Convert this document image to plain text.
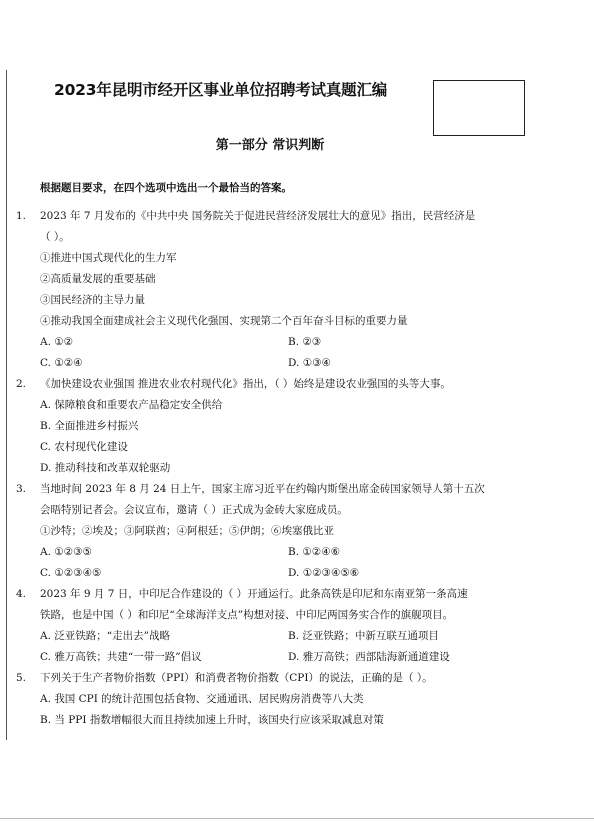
2023年昆明市经开区事业单位招聘考试真题汇编
第一部分 常识判断
根据题目要求，在四个选项中选出一个最恰当的答案。
1. 2023 年 7 月发布的《中共中央 国务院关于促进民营经济发展壮大的意见》指出，民营经济是
（ ）。
①推进中国式现代化的生力军
②高质量发展的重要基础
③国民经济的主导力量
④推动我国全面建成社会主义现代化强国、实现第二个百年奋斗目标的重要力量
A. ①②	B. ②③
C. ①②④	D. ①③④
2. 《加快建设农业强国 推进农业农村现代化》指出，（ ）始终是建设农业强国的头等大事。
A. 保障粮食和重要农产品稳定安全供给
B. 全面推进乡村振兴
C. 农村现代化建设
D. 推动科技和改革双轮驱动
3. 当地时间 2023 年 8 月 24 日上午，国家主席习近平在约翰内斯堡出席金砖国家领导人第十五次
会晤特别记者会。会议宣布，邀请（ ）正式成为金砖大家庭成员。
①沙特；②埃及；③阿联酋；④阿根廷；⑤伊朗；⑥埃塞俄比亚
A. ①②③⑤	B. ①②④⑥
C. ①②③④⑤	D. ①②③④⑤⑥
4. 2023 年 9 月 7 日，中印尼合作建设的（ ）开通运行。此条高铁是印尼和东南亚第一条高速
铁路，也是中国（ ）和印尼“全球海洋支点”构想对接、中印尼两国务实合作的旗舰项目。
A. 泛亚铁路；“走出去”战略	B. 泛亚铁路；中新互联互通项目
C. 雅万高铁；共建“一带一路”倡议	D. 雅万高铁；西部陆海新通道建设
5. 下列关于生产者物价指数（PPI）和消费者物价指数（CPI）的说法，正确的是（ ）。
A. 我国 CPI 的统计范围包括食物、交通通讯、居民购房消费等八大类
B. 当 PPI 指数增幅很大而且持续加速上升时，该国央行应该采取减息对策
